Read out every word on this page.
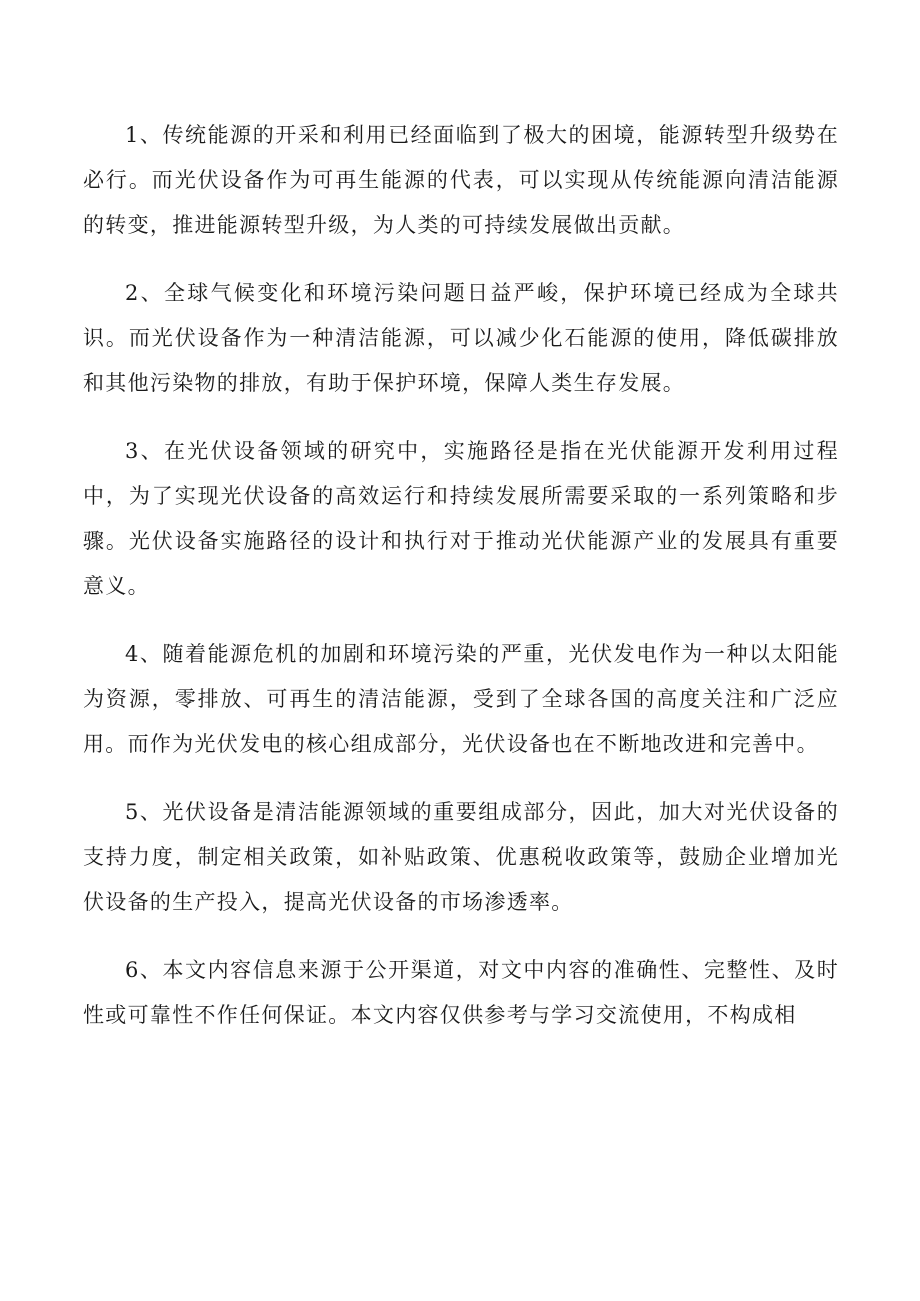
1、传统能源的开采和利用已经面临到了极大的困境，能源转型升级势在必行。而光伏设备作为可再生能源的代表，可以实现从传统能源向清洁能源的转变，推进能源转型升级，为人类的可持续发展做出贡献。

2、全球气候变化和环境污染问题日益严峻，保护环境已经成为全球共识。而光伏设备作为一种清洁能源，可以减少化石能源的使用，降低碳排放和其他污染物的排放，有助于保护环境，保障人类生存发展。

3、在光伏设备领域的研究中，实施路径是指在光伏能源开发利用过程中，为了实现光伏设备的高效运行和持续发展所需要采取的一系列策略和步骤。光伏设备实施路径的设计和执行对于推动光伏能源产业的发展具有重要意义。

4、随着能源危机的加剧和环境污染的严重，光伏发电作为一种以太阳能为资源，零排放、可再生的清洁能源，受到了全球各国的高度关注和广泛应用。而作为光伏发电的核心组成部分，光伏设备也在不断地改进和完善中。

5、光伏设备是清洁能源领域的重要组成部分，因此，加大对光伏设备的支持力度，制定相关政策，如补贴政策、优惠税收政策等，鼓励企业增加光伏设备的生产投入，提高光伏设备的市场渗透率。

6、本文内容信息来源于公开渠道，对文中内容的准确性、完整性、及时性或可靠性不作任何保证。本文内容仅供参考与学习交流使用，不构成相
